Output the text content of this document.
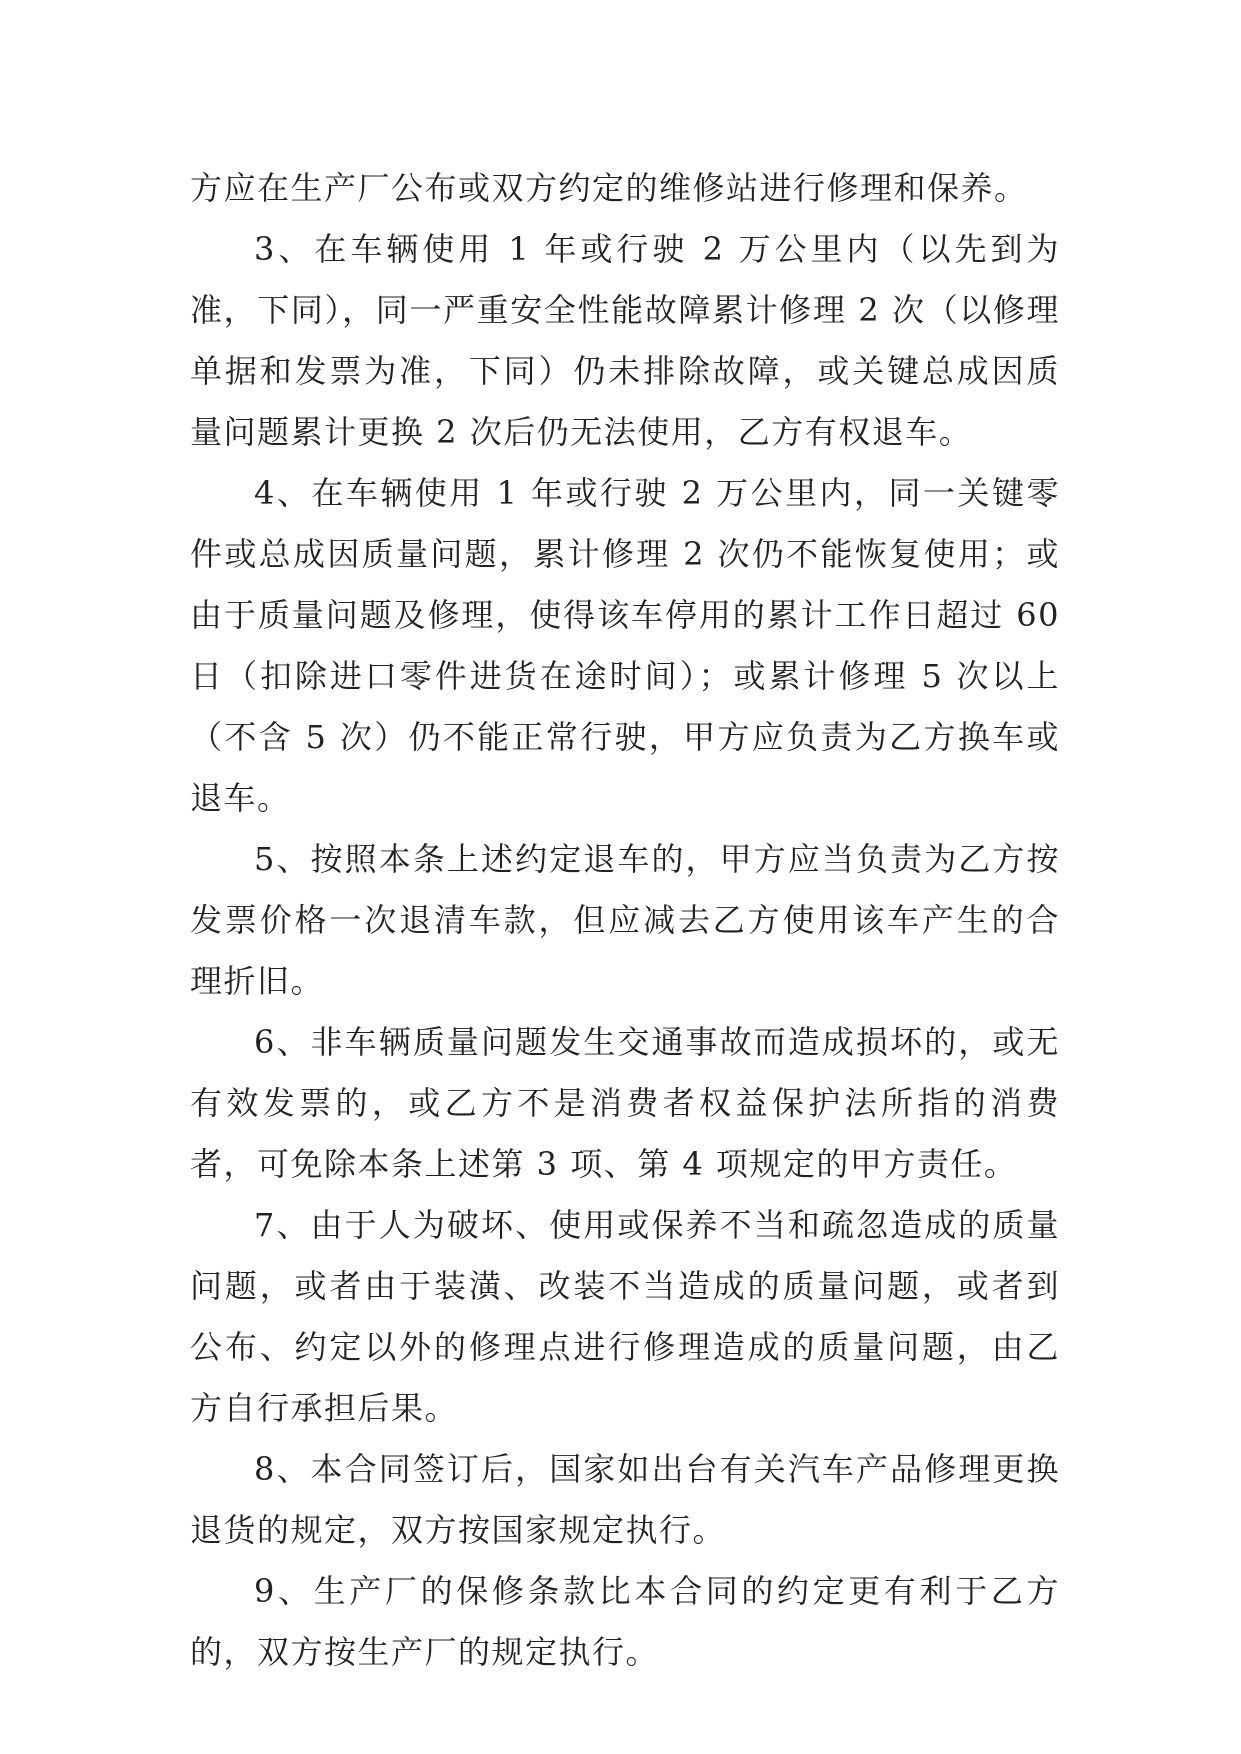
方应在生产厂公布或双方约定的维修站进行修理和保养。

3、在车辆使用 1 年或行驶 2 万公里内（以先到为准，下同），同一严重安全性能故障累计修理 2 次（以修理单据和发票为准，下同）仍未排除故障，或关键总成因质量问题累计更换 2 次后仍无法使用，乙方有权退车。

4、在车辆使用 1 年或行驶 2 万公里内，同一关键零件或总成因质量问题，累计修理 2 次仍不能恢复使用；或由于质量问题及修理，使得该车停用的累计工作日超过 60 日（扣除进口零件进货在途时间）；或累计修理 5 次以上（不含 5 次）仍不能正常行驶，甲方应负责为乙方换车或退车。

5、按照本条上述约定退车的，甲方应当负责为乙方按发票价格一次退清车款，但应减去乙方使用该车产生的合理折旧。

6、非车辆质量问题发生交通事故而造成损坏的，或无有效发票的，或乙方不是消费者权益保护法所指的消费者，可免除本条上述第 3 项、第 4 项规定的甲方责任。

7、由于人为破坏、使用或保养不当和疏忽造成的质量问题，或者由于装潢、改装不当造成的质量问题，或者到公布、约定以外的修理点进行修理造成的质量问题，由乙方自行承担后果。

8、本合同签订后，国家如出台有关汽车产品修理更换退货的规定，双方按国家规定执行。

9、生产厂的保修条款比本合同的约定更有利于乙方的，双方按生产厂的规定执行。
